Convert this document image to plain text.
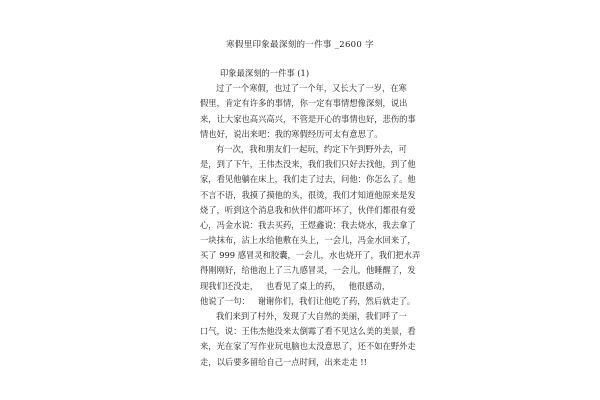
寒假里印象最深刻的一件事 _2600 字
印象最深刻的一件事 (1)
过了一个寒假，也过了一个年，又长大了一岁，在寒
假里，肯定有许多的事情，你一定有事情想像深刻，说出
来，让大家也高兴高兴，不管是开心的事情也好，悲伤的事
情也好，说出来吧：我的寒假经历可太有意思了。
有一次，我和朋友们一起玩，约定下午到野外去，可
是，到了下午，王伟杰没来，我们我们只好去找他，到了他
家，看见他躺在床上，我们走了过去，问他：你怎么了。他
不言不语，我摸了摸他的头，很烫，我们才知道他原来是发
烧了，听到这个消息我和伙伴们都吓坏了，伙伴们都很有爱
心，冯金水说：我去买药，王煜鑫说：我去烧水，我去拿了
一块抹布，沾上水给他敷在头上，一会儿，冯金水回来了，
买了 999 感冒灵和胶囊，一会儿，水也烧开了，我们把水弄
得刚刚好，给他泡上了三九感冒灵，一会儿，他睡醒了，发
现我们还没走，   也看见了桌上的药，   他很感动，
他说了一句：   谢谢你们，我们让他吃了药，然后就走了。
我们来到了村外，发现了大自然的美丽，我们呼了一
口气，说：王伟杰他没来太倒霉了看不见这么美的美景，看
来，光在家了写作业玩电脑也太没意思了，还不如在野外走
走，以后要多留给自己一点时间，出来走走 !!
